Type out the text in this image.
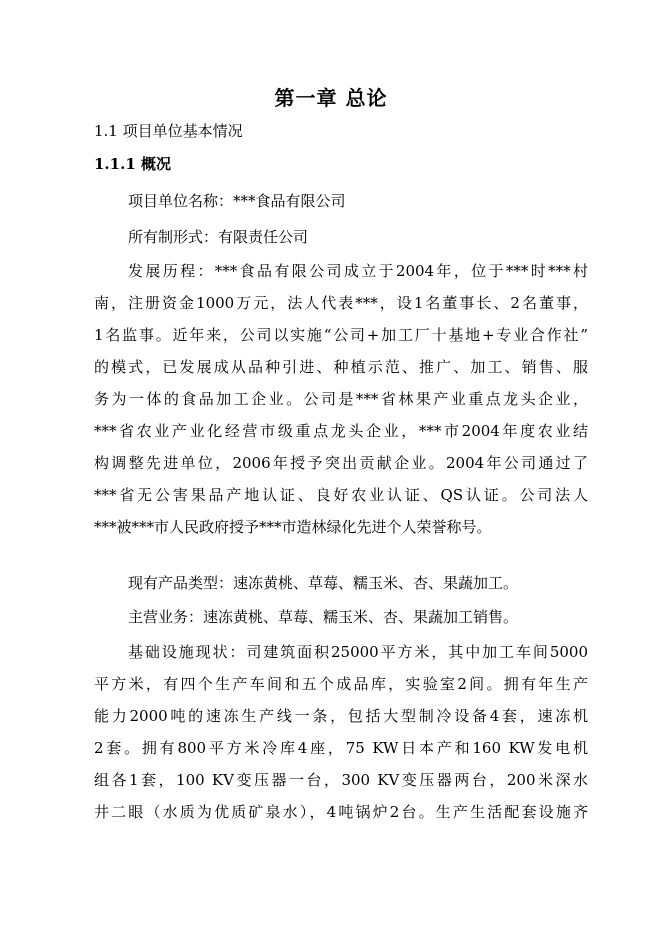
第一章 总论
1.1 项目单位基本情况
1.1.1 概况
项目单位名称：***食品有限公司
所有制形式：有限责任公司
发展历程：***食品有限公司成立于2004年，位于***时***村
南，注册资金1000万元，法人代表***，设1名董事长、2名董事，
1名监事。近年来，公司以实施“公司+加工厂十基地+专业合作社”
的模式，已发展成从品种引进、种植示范、推广、加工、销售、服
务为一体的食品加工企业。公司是***省林果产业重点龙头企业，
***省农业产业化经营市级重点龙头企业，***市2004年度农业结
构调整先进单位，2006年授予突出贡献企业。2004年公司通过了
***省无公害果品产地认证、良好农业认证、QS认证。公司法人
***被***市人民政府授予***市造林绿化先进个人荣誉称号。
现有产品类型：速冻黄桃、草莓、糯玉米、杏、果蔬加工。
主营业务：速冻黄桃、草莓、糯玉米、杏、果蔬加工销售。
基础设施现状：司建筑面积25000平方米，其中加工车间5000
平方米，有四个生产车间和五个成品库，实验室2间。拥有年生产
能力2000吨的速冻生产线一条，包括大型制冷设备4套，速冻机
2套。拥有800平方米冷库4座，75 KW日本产和160 KW发电机
组各1套，100 KV变压器一台，300 KV变压器两台，200米深水
井二眼（水质为优质矿泉水），4吨锅炉2台。生产生活配套设施齐
